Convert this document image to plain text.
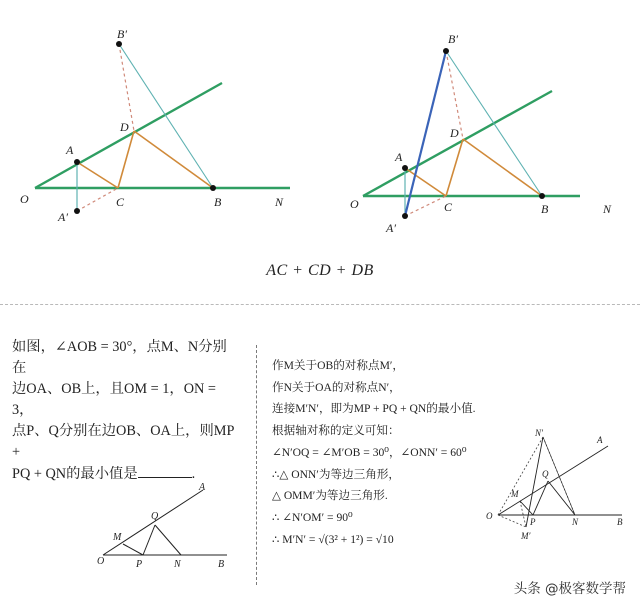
B′
A
D
O
A′
C	B	N
B′
A
D
O
A′
C	B	N
AC + CD + DB
如图，∠AOB = 30°，点M、N分别在
边OA、OB上，且OM = 1，ON = 3，
点P、Q分别在边OB、OA上，则MP +
PQ + QN的最小值是	.
A
Q
M
O	P	N	B
作M关于OB的对称点M′，
作N关于OA的对称点N′，
连接M′N′，即为MP + PQ + QN的最小值.
根据轴对称的定义可知：
∠N′OQ = ∠M′OB = 30⁰，∠ONN′ = 60⁰
∴△ ONN′为等边三角形，
△ OMM′为等边三角形.
∴ ∠N′OM′ = 90⁰
∴ M′N′ = √(3² + 1²) = √10
N′
A
Q
M
O
P	N	B
M′
头条 @极客数学帮
